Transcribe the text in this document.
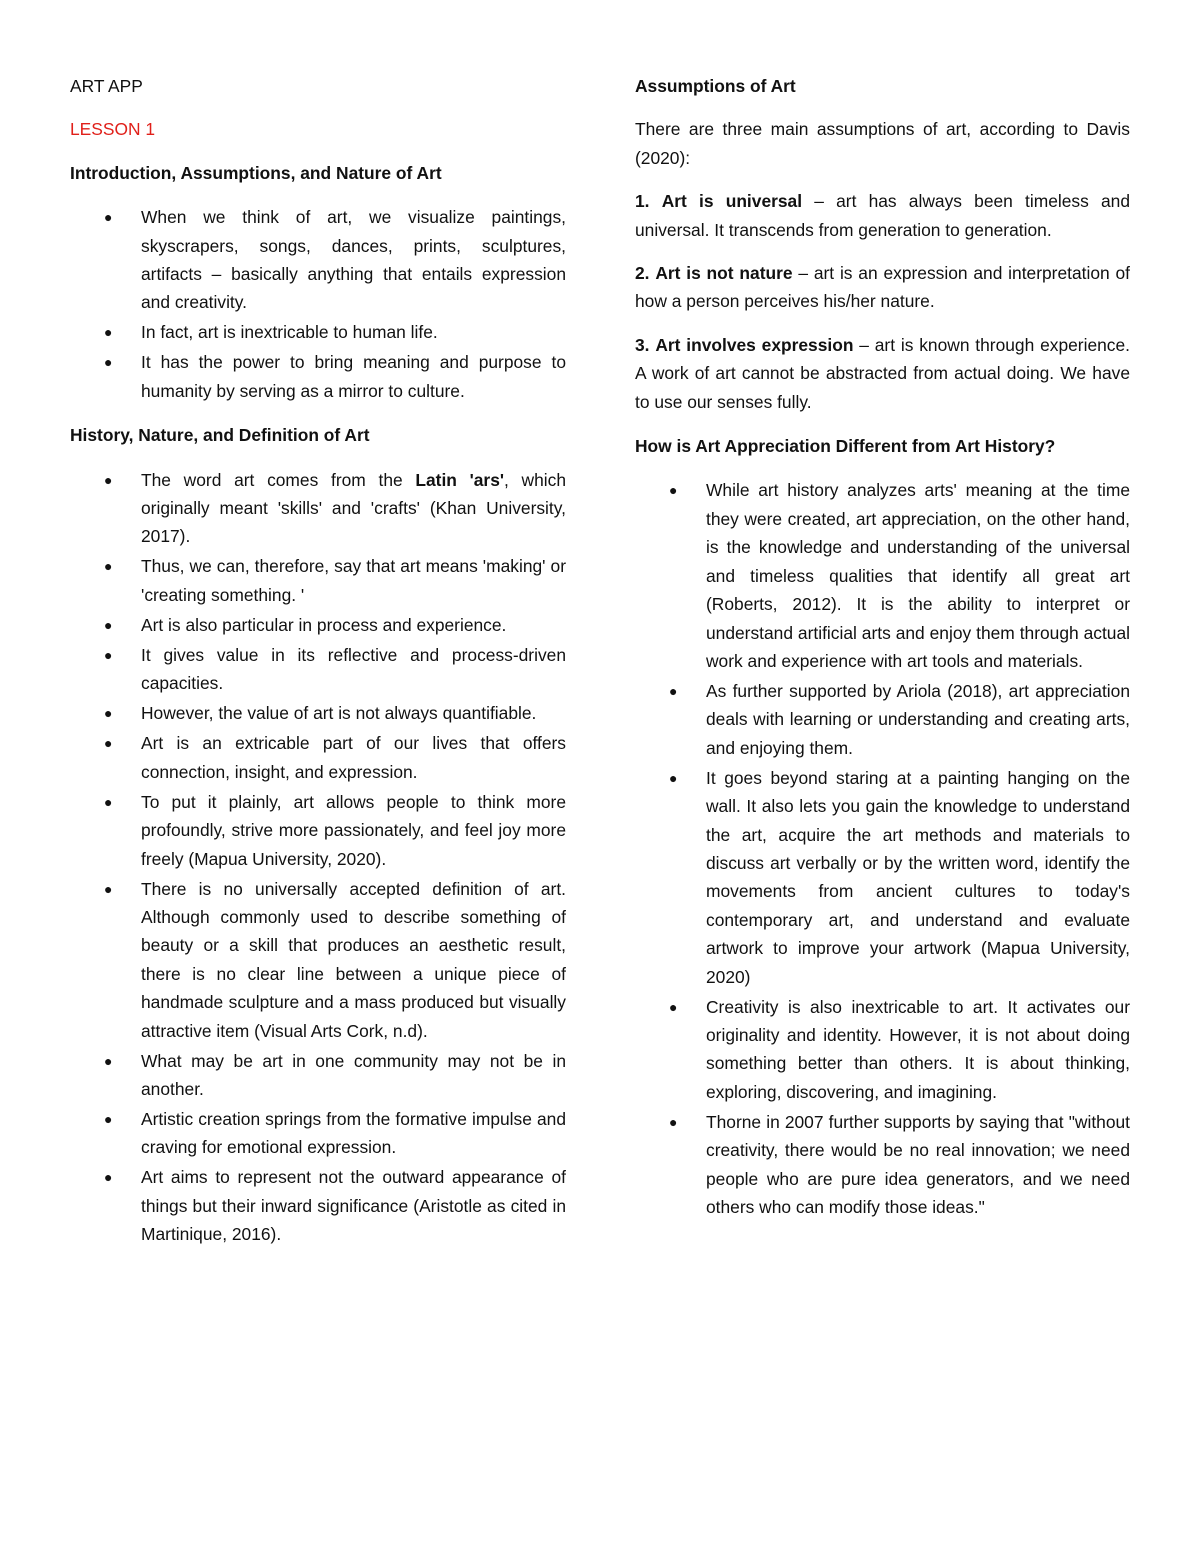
ART APP

LESSON 1

Introduction, Assumptions, and Nature of Art
● When we think of art, we visualize paintings, skyscrapers, songs, dances, prints, sculptures, artifacts – basically anything that entails expression and creativity.
● In fact, art is inextricable to human life.
● It has the power to bring meaning and purpose to humanity by serving as a mirror to culture.
History, Nature, and Definition of Art
● The word art comes from the Latin 'ars', which originally meant 'skills' and 'crafts' (Khan University, 2017).
● Thus, we can, therefore, say that art means 'making' or 'creating something. '
● Art is also particular in process and experience.
● It gives value in its reflective and process-driven capacities.
● However, the value of art is not always quantifiable.
● Art is an extricable part of our lives that offers connection, insight, and expression.
● To put it plainly, art allows people to think more profoundly, strive more passionately, and feel joy more freely (Mapua University, 2020).
● There is no universally accepted definition of art. Although commonly used to describe something of beauty or a skill that produces an aesthetic result, there is no clear line between a unique piece of handmade sculpture and a mass produced but visually attractive item (Visual Arts Cork, n.d).
● What may be art in one community may not be in another.
● Artistic creation springs from the formative impulse and craving for emotional expression.
● Art aims to represent not the outward appearance of things but their inward significance (Aristotle as cited in Martinique, 2016).
Assumptions of Art

There are three main assumptions of art, according to Davis (2020):

1. Art is universal – art has always been timeless and universal. It transcends from generation to generation.

2. Art is not nature – art is an expression and interpretation of how a person perceives his/her nature.

3. Art involves expression – art is known through experience. A work of art cannot be abstracted from actual doing. We have to use our senses fully.

How is Art Appreciation Different from Art History?
● While art history analyzes arts' meaning at the time they were created, art appreciation, on the other hand, is the knowledge and understanding of the universal and timeless qualities that identify all great art (Roberts, 2012). It is the ability to interpret or understand artificial arts and enjoy them through actual work and experience with art tools and materials.
● As further supported by Ariola (2018), art appreciation deals with learning or understanding and creating arts, and enjoying them.
● It goes beyond staring at a painting hanging on the wall. It also lets you gain the knowledge to understand the art, acquire the art methods and materials to discuss art verbally or by the written word, identify the movements from ancient cultures to today's contemporary art, and understand and evaluate artwork to improve your artwork (Mapua University, 2020)
● Creativity is also inextricable to art. It activates our originality and identity. However, it is not about doing something better than others. It is about thinking, exploring, discovering, and imagining.
● Thorne in 2007 further supports by saying that "without creativity, there would be no real innovation; we need people who are pure idea generators, and we need others who can modify those ideas."
